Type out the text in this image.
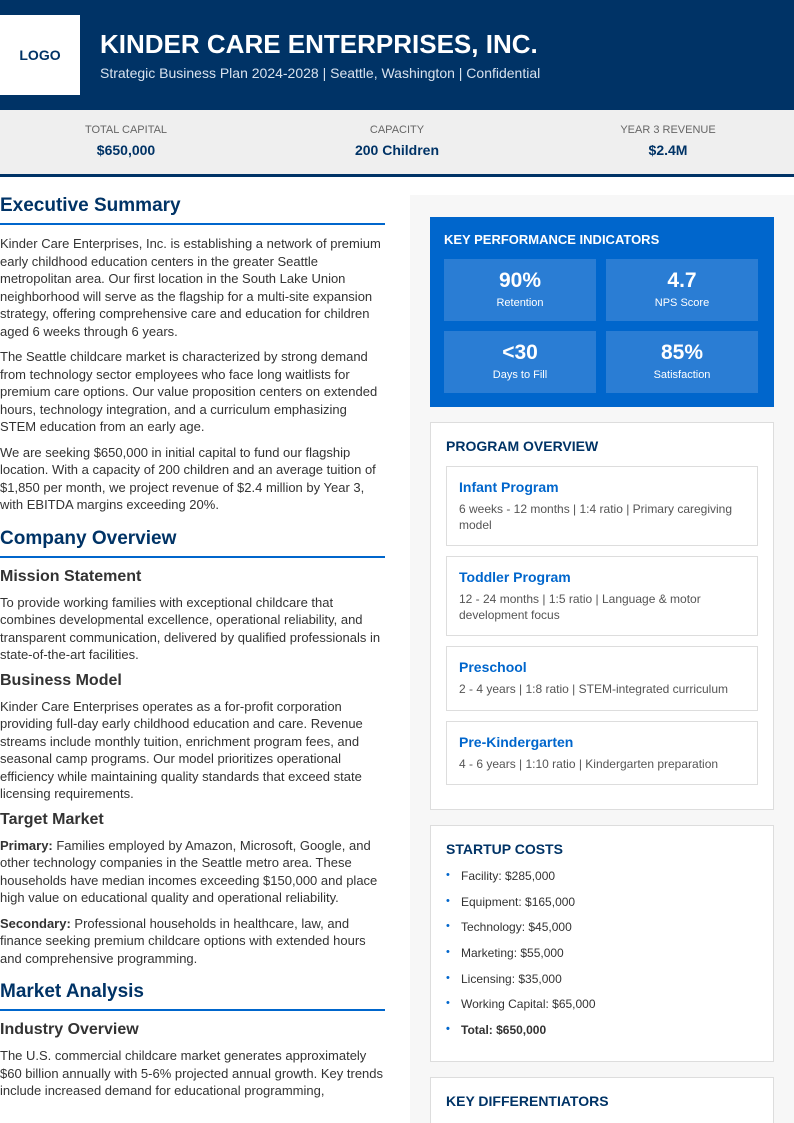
LOGO	KINDER CARE ENTERPRISES, INC.
Strategic Business Plan 2024-2028 | Seattle, Washington | Confidential
TOTAL CAPITAL
$650,000
CAPACITY
200 Children
YEAR 3 REVENUE
$2.4M
Executive Summary

Kinder Care Enterprises, Inc. is establishing a network of premium early childhood education centers in the greater Seattle metropolitan area. Our first location in the South Lake Union neighborhood will serve as the flagship for a multi-site expansion strategy, offering comprehensive care and education for children aged 6 weeks through 6 years.

The Seattle childcare market is characterized by strong demand from technology sector employees who face long waitlists for premium care options. Our value proposition centers on extended hours, technology integration, and a curriculum emphasizing STEM education from an early age.

We are seeking $650,000 in initial capital to fund our flagship location. With a capacity of 200 children and an average tuition of $1,850 per month, we project revenue of $2.4 million by Year 3, with EBITDA margins exceeding 20%.

Company Overview
Mission Statement

To provide working families with exceptional childcare that combines developmental excellence, operational reliability, and transparent communication, delivered by qualified professionals in state-of-the-art facilities.

Business Model

Kinder Care Enterprises operates as a for-profit corporation providing full-day early childhood education and care. Revenue streams include monthly tuition, enrichment program fees, and seasonal camp programs. Our model prioritizes operational efficiency while maintaining quality standards that exceed state licensing requirements.

Target Market

Primary: Families employed by Amazon, Microsoft, Google, and other technology companies in the Seattle metro area. These households have median incomes exceeding $150,000 and place high value on educational quality and operational reliability.

Secondary: Professional households in healthcare, law, and finance seeking premium childcare options with extended hours and comprehensive programming.

Market Analysis
Industry Overview

The U.S. commercial childcare market generates approximately $60 billion annually with 5-6% projected annual growth. Key trends include increased demand for educational programming,

KEY PERFORMANCE INDICATORS
90%
Retention
4.7
NPS Score
<30
Days to Fill
85%
Satisfaction
PROGRAM OVERVIEW
Infant Program
6 weeks - 12 months | 1:4 ratio | Primary caregiving model
Toddler Program
12 - 24 months | 1:5 ratio | Language & motor development focus
Preschool
2 - 4 years | 1:8 ratio | STEM-integrated curriculum
Pre-Kindergarten
4 - 6 years | 1:10 ratio | Kindergarten preparation
STARTUP COSTS
• Facility: $285,000
• Equipment: $165,000
• Technology: $45,000
• Marketing: $55,000
• Licensing: $35,000
• Working Capital: $65,000
• Total: $650,000
KEY DIFFERENTIATORS
